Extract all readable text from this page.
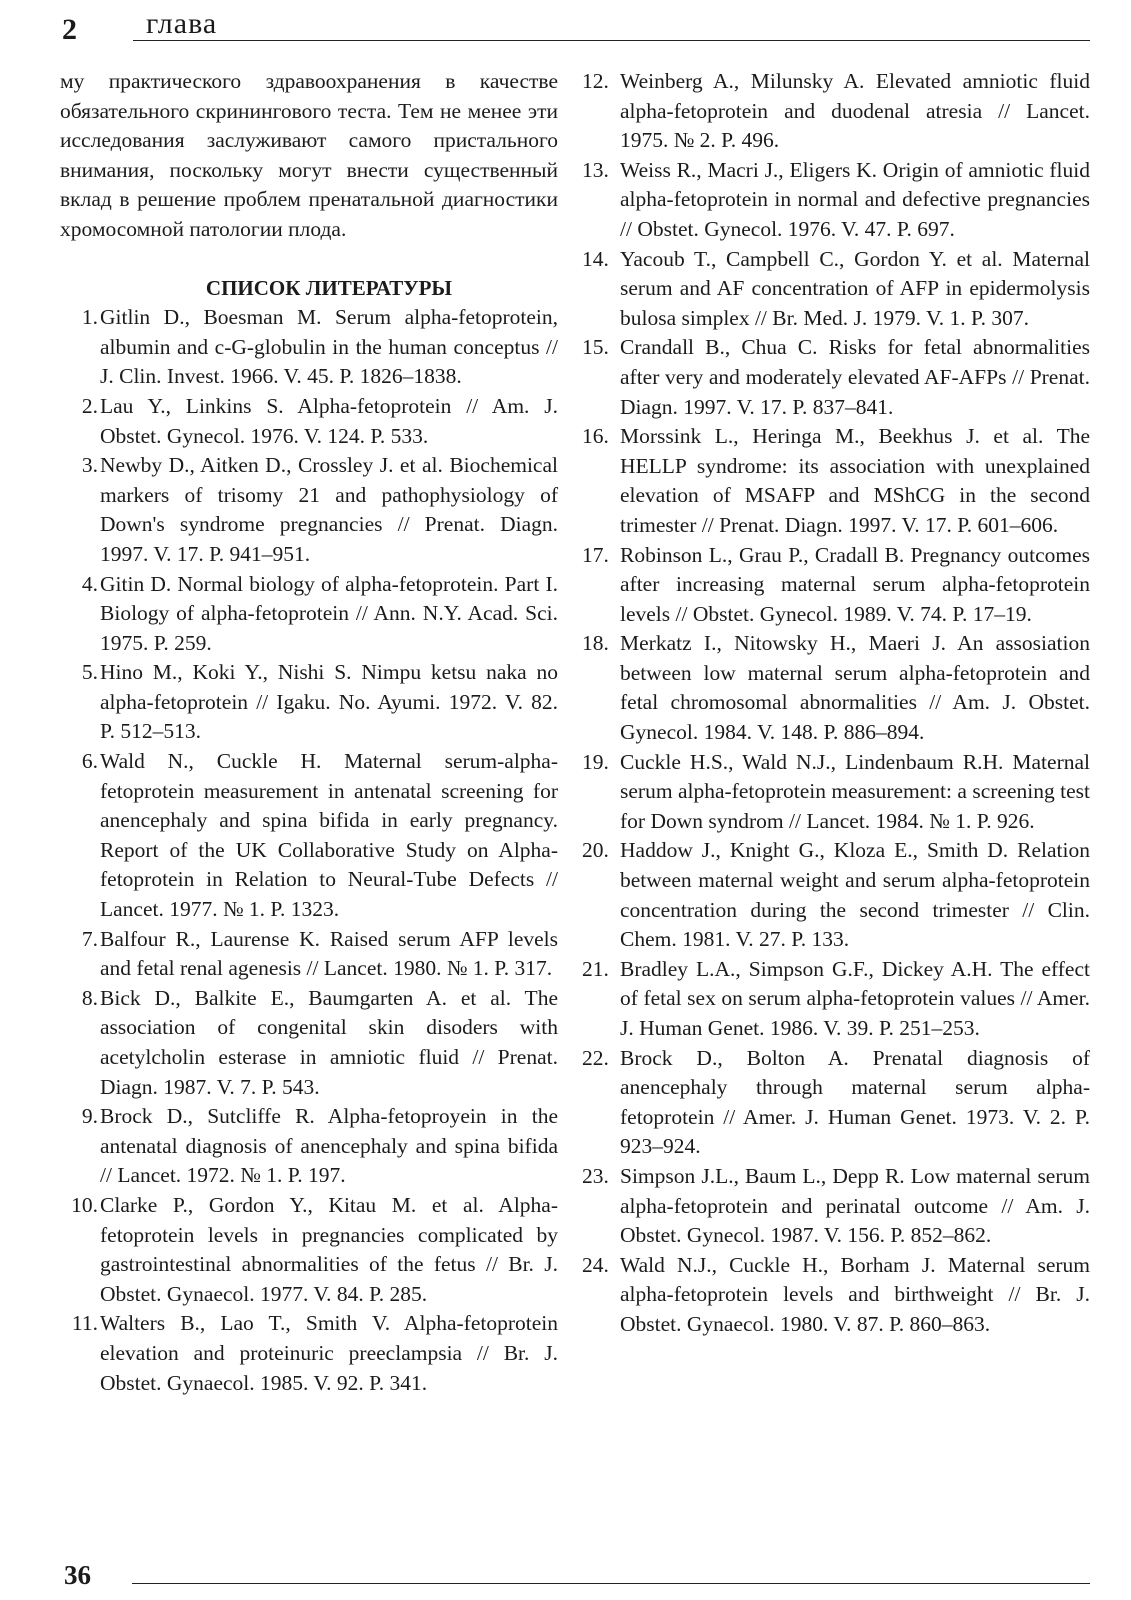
2 глава

му практического здравоохранения в качестве обязательного скринингового теста. Тем не менее эти исследования заслуживают самого пристального внимания, поскольку могут внести существенный вклад в решение проблем пренатальной диагностики хромосомной патологии плода.

СПИСОК ЛИТЕРАТУРЫ
1. Gitlin D., Boesman M. Serum alpha-fetoprotein, albumin and c-G-globulin in the human conceptus // J. Clin. Invest. 1966. V. 45. P. 1826–1838.
2. Lau Y., Linkins S. Alpha-fetoprotein // Am. J. Obstet. Gynecol. 1976. V. 124. P. 533.
3. Newby D., Aitken D., Crossley J. et al. Biochemical markers of trisomy 21 and pathophysiology of Down's syndrome pregnancies // Prenat. Diagn. 1997. V. 17. P. 941–951.
4. Gitin D. Normal biology of alpha-fetoprotein. Part I. Biology of alpha-fetoprotein // Ann. N.Y. Acad. Sci. 1975. P. 259.
5. Hino M., Koki Y., Nishi S. Nimpu ketsu naka no alpha-fetoprotein // Igaku. No. Ayumi. 1972. V. 82. P. 512–513.
6. Wald N., Cuckle H. Maternal serum-alpha-fetoprotein measurement in antenatal screening for anencephaly and spina bifida in early pregnancy. Report of the UK Collaborative Study on Alpha-fetoprotein in Relation to Neural-Tube Defects // Lancet. 1977. № 1. P. 1323.
7. Balfour R., Laurense K. Raised serum AFP levels and fetal renal agenesis // Lancet. 1980. № 1. P. 317.
8. Bick D., Balkite E., Baumgarten A. et al. The association of congenital skin disoders with acetylcholin esterase in amniotic fluid // Prenat. Diagn. 1987. V. 7. P. 543.
9. Brock D., Sutcliffe R. Alpha-fetoproyein in the antenatal diagnosis of anencephaly and spina bifida // Lancet. 1972. № 1. P. 197.
10. Clarke P., Gordon Y., Kitau M. et al. Alpha-fetoprotein levels in pregnancies complicated by gastrointestinal abnormalities of the fetus // Br. J. Obstet. Gynaecol. 1977. V. 84. P. 285.
11. Walters B., Lao T., Smith V. Alpha-fetoprotein elevation and proteinuric preeclampsia // Br. J. Obstet. Gynaecol. 1985. V. 92. P. 341.
12. Weinberg A., Milunsky A. Elevated amniotic fluid alpha-fetoprotein and duodenal atresia // Lancet. 1975. № 2. P. 496.
13. Weiss R., Macri J., Eligers K. Origin of amniotic fluid alpha-fetoprotein in normal and defective pregnancies // Obstet. Gynecol. 1976. V. 47. P. 697.
14. Yacoub T., Campbell C., Gordon Y. et al. Maternal serum and AF concentration of AFP in epidermolysis bulosa simplex // Br. Med. J. 1979. V. 1. P. 307.
15. Crandall B., Chua C. Risks for fetal abnormalities after very and moderately elevated AF-AFPs // Prenat. Diagn. 1997. V. 17. P. 837–841.
16. Morssink L., Heringa M., Beekhus J. et al. The HELLP syndrome: its association with unexplained elevation of MSAFP and MShCG in the second trimester // Prenat. Diagn. 1997. V. 17. P. 601–606.
17. Robinson L., Grau P., Cradall B. Pregnancy outcomes after increasing maternal serum alpha-fetoprotein levels // Obstet. Gynecol. 1989. V. 74. P. 17–19.
18. Merkatz I., Nitowsky H., Maeri J. An assosiation between low maternal serum alpha-fetoprotein and fetal chromosomal abnormalities // Am. J. Obstet. Gynecol. 1984. V. 148. P. 886–894.
19. Cuckle H.S., Wald N.J., Lindenbaum R.H. Maternal serum alpha-fetoprotein measurement: a screening test for Down syndrom // Lancet. 1984. № 1. P. 926.
20. Haddow J., Knight G., Kloza E., Smith D. Relation between maternal weight and serum alpha-fetoprotein concentration during the second trimester // Clin. Chem. 1981. V. 27. P. 133.
21. Bradley L.A., Simpson G.F., Dickey A.H. The effect of fetal sex on serum alpha-fetoprotein values // Amer. J. Human Genet. 1986. V. 39. P. 251–253.
22. Brock D., Bolton A. Prenatal diagnosis of anencephaly through maternal serum alpha-fetoprotein // Amer. J. Human Genet. 1973. V. 2. P. 923–924.
23. Simpson J.L., Baum L., Depp R. Low maternal serum alpha-fetoprotein and perinatal outcome // Am. J. Obstet. Gynecol. 1987. V. 156. P. 852–862.
24. Wald N.J., Cuckle H., Borham J. Maternal serum alpha-fetoprotein levels and birthweight // Br. J. Obstet. Gynaecol. 1980. V. 87. P. 860–863.
36
